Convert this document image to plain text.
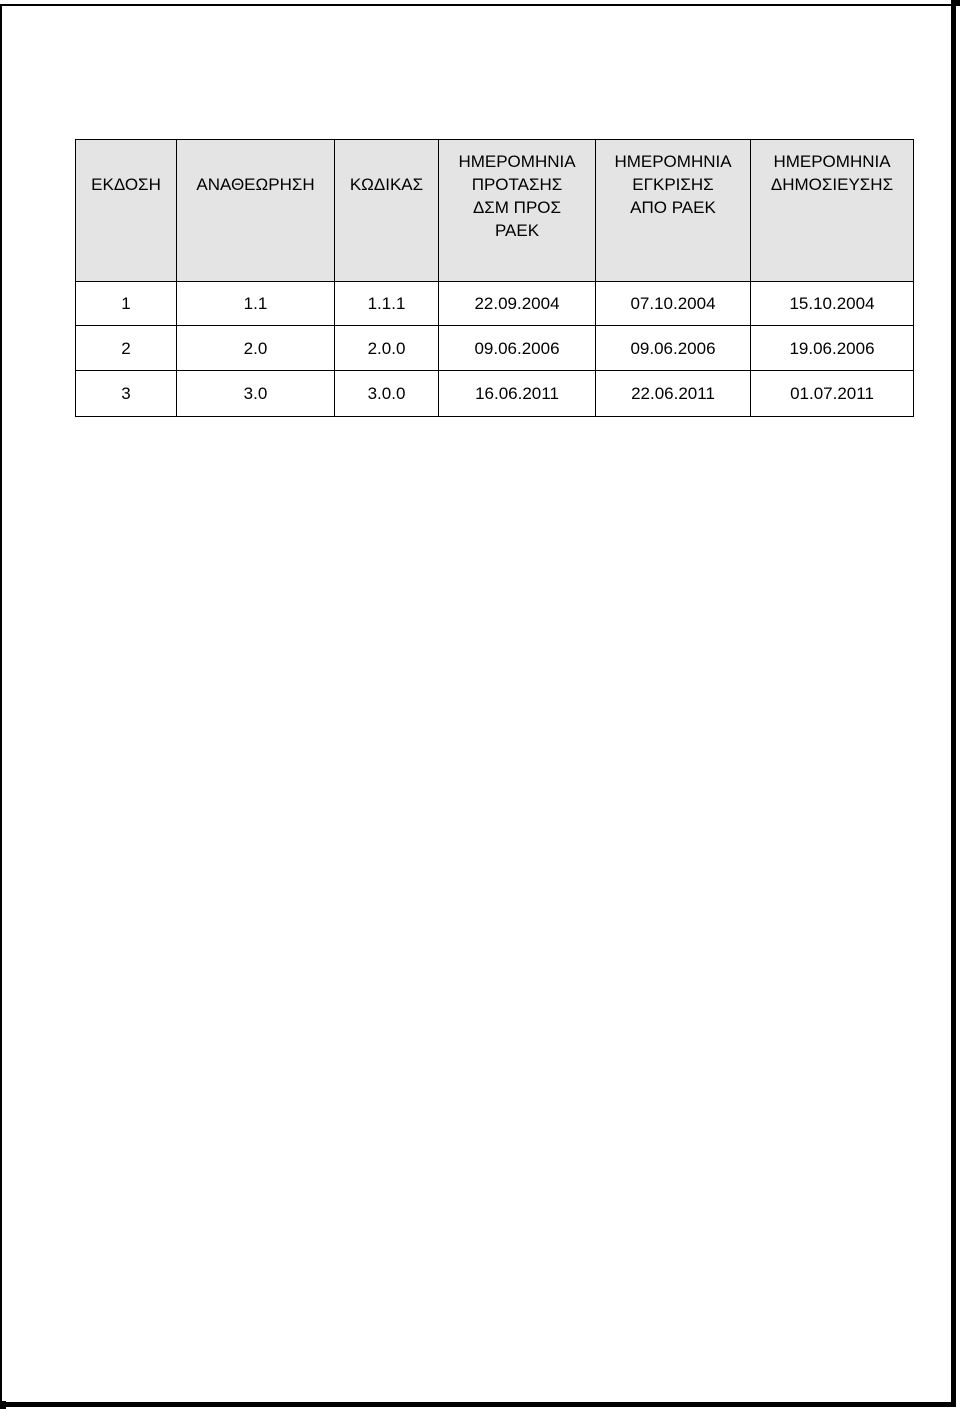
ΕΚΔΟΣΗ	ΑΝΑΘΕΩΡΗΣΗ	ΚΩΔΙΚΑΣ	ΗΜΕΡΟΜΗΝΙΑ
ΠΡΟΤΑΣΗΣ
ΔΣΜ ΠΡΟΣ
ΡΑΕΚ	ΗΜΕΡΟΜΗΝΙΑ
ΕΓΚΡΙΣΗΣ
ΑΠΟ ΡΑΕΚ	ΗΜΕΡΟΜΗΝΙΑ
ΔΗΜΟΣΙΕΥΣΗΣ

1	1.1	1.1.1	22.09.2004	07.10.2004	15.10.2004
2	2.0	2.0.0	09.06.2006	09.06.2006	19.06.2006
3	3.0	3.0.0	16.06.2011	22.06.2011	01.07.2011
